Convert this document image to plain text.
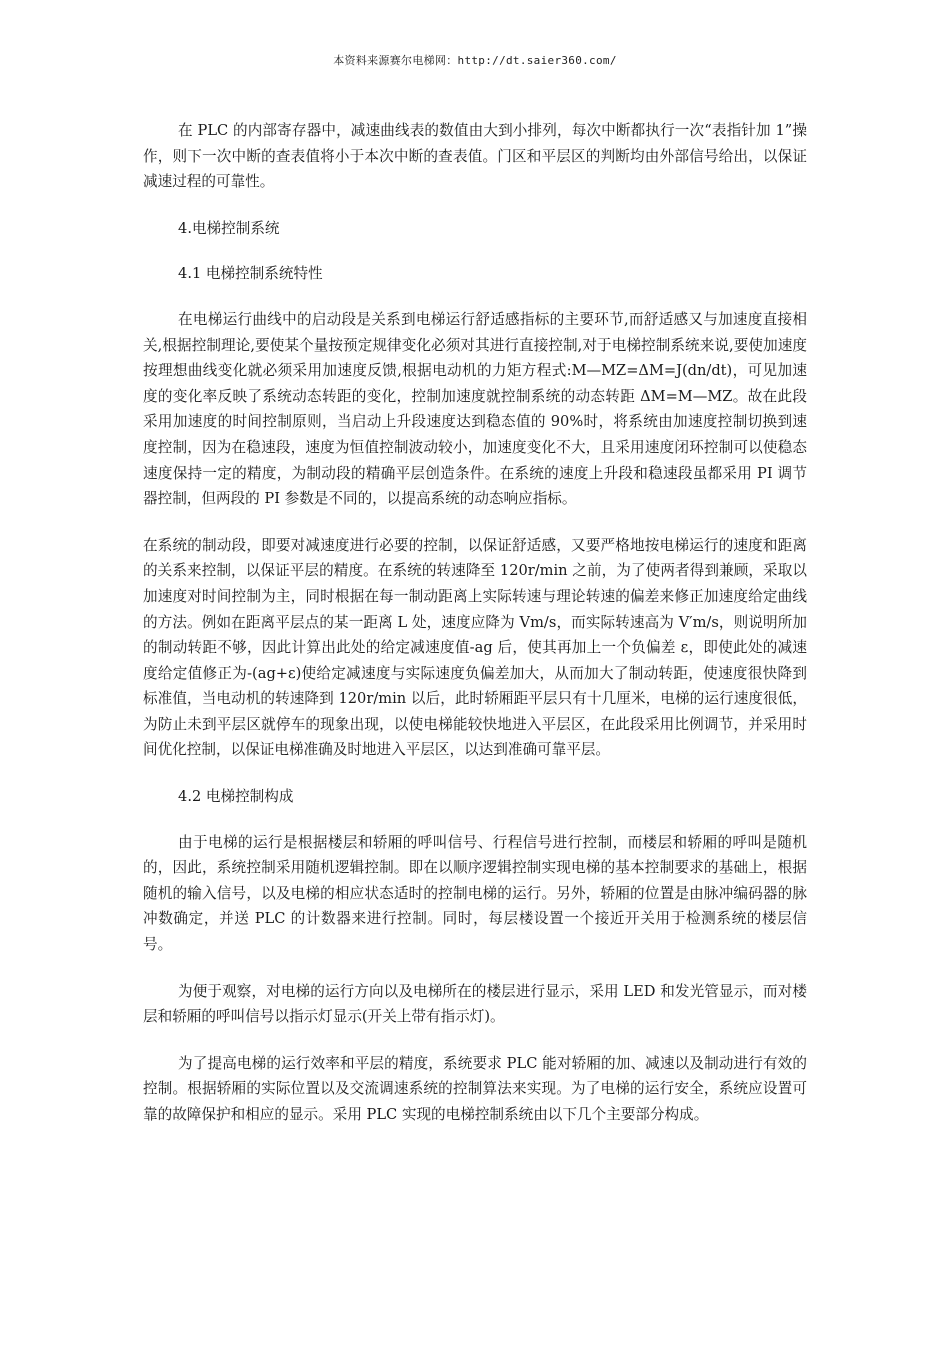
本资料来源赛尔电梯网：http://dt.saier360.com/

在 PLC 的内部寄存器中，减速曲线表的数值由大到小排列，每次中断都执行一次“表指针加 1”操作，则下一次中断的查表值将小于本次中断的查表值。门区和平层区的判断均由外部信号给出，以保证减速过程的可靠性。

4.电梯控制系统

4.1 电梯控制系统特性

在电梯运行曲线中的启动段是关系到电梯运行舒适感指标的主要环节,而舒适感又与加速度直接相关,根据控制理论,要使某个量按预定规律变化必须对其进行直接控制,对于电梯控制系统来说,要使加速度按理想曲线变化就必须采用加速度反馈,根据电动机的力矩方程式:M—MZ=ΔM=J(dn/dt)，可见加速度的变化率反映了系统动态转距的变化，控制加速度就控制系统的动态转距 ΔM=M—MZ。故在此段采用加速度的时间控制原则，当启动上升段速度达到稳态值的 90%时，将系统由加速度控制切换到速度控制，因为在稳速段，速度为恒值控制波动较小，加速度变化不大，且采用速度闭环控制可以使稳态速度保持一定的精度，为制动段的精确平层创造条件。在系统的速度上升段和稳速段虽都采用 PI 调节器控制，但两段的 PI 参数是不同的，以提高系统的动态响应指标。

在系统的制动段，即要对减速度进行必要的控制，以保证舒适感，又要严格地按电梯运行的速度和距离的关系来控制，以保证平层的精度。在系统的转速降至 120r/min 之前，为了使两者得到兼顾，采取以加速度对时间控制为主，同时根据在每一制动距离上实际转速与理论转速的偏差来修正加速度给定曲线的方法。例如在距离平层点的某一距离 L 处，速度应降为 Vm/s，而实际转速高为 V′m/s，则说明所加的制动转距不够，因此计算出此处的给定减速度值-ag 后，使其再加上一个负偏差 ε，即使此处的减速度给定值修正为-(ag+ε)使给定减速度与实际速度负偏差加大，从而加大了制动转距，使速度很快降到标准值，当电动机的转速降到 120r/min 以后，此时轿厢距平层只有十几厘米，电梯的运行速度很低，为防止未到平层区就停车的现象出现，以使电梯能较快地进入平层区，在此段采用比例调节，并采用时间优化控制，以保证电梯准确及时地进入平层区，以达到准确可靠平层。

4.2 电梯控制构成

由于电梯的运行是根据楼层和轿厢的呼叫信号、行程信号进行控制，而楼层和轿厢的呼叫是随机的，因此，系统控制采用随机逻辑控制。即在以顺序逻辑控制实现电梯的基本控制要求的基础上，根据随机的输入信号，以及电梯的相应状态适时的控制电梯的运行。另外，轿厢的位置是由脉冲编码器的脉冲数确定，并送 PLC 的计数器来进行控制。同时，每层楼设置一个接近开关用于检测系统的楼层信号。

为便于观察，对电梯的运行方向以及电梯所在的楼层进行显示，采用 LED 和发光管显示，而对楼层和轿厢的呼叫信号以指示灯显示(开关上带有指示灯)。

为了提高电梯的运行效率和平层的精度，系统要求 PLC 能对轿厢的加、减速以及制动进行有效的控制。根据轿厢的实际位置以及交流调速系统的控制算法来实现。为了电梯的运行安全，系统应设置可靠的故障保护和相应的显示。采用 PLC 实现的电梯控制系统由以下几个主要部分构成。
